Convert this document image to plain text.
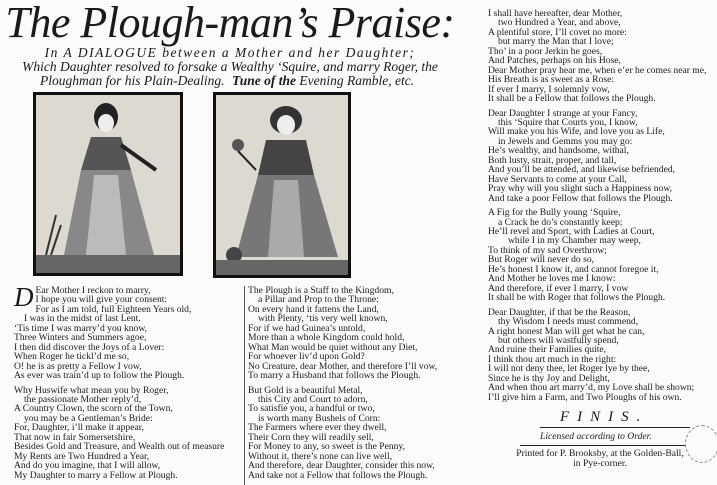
The Plough-man’s Praise:
In A DIALOGUE between a Mother and her Daughter;
Which Daughter resolved to forsake a Wealthy ‘Squire, and marry Roger, the
Ploughman for his Plain-Dealing. Tune of the Evening Ramble, etc.
D Ear Mother I reckon to marry,
I hope you will give your consent:
For as I am told, full Eighteen Years old,
I was in the midst of last Lent.
‘Tis time I was marry’d you know,
Three Winters and Summers agoe,
I then did discover the Joys of a Lover:
When Roger he tickl’d me so,
O! he is as pretty a Fellow I vow,
As ever was train’d up to follow the Plough.
Why Huswife what mean you by Roger,
the passionate Mother reply’d,
A Country Clown, the scorn of the Town,
you may be a Gentleman’s Bride:
For, Daughter, i’ll make it appear,
That now in fair Somersetshire,
Besides Gold and Treasure, and Wealth out of measure
My Rents are Two Hundred a Year,
And do you imagine, that I will allow,
My Daughter to marry a Fellow at Plough.
The Plough is a Staff to the Kingdom,
a Pillar and Prop to the Throne:
On every hand it fattens the Land,
with Plenty, ‘tis very well known,
For if we had Guinea’s untold,
More than a whole Kingdom could hold,
What Man would be quiet without any Diet,
For whoever liv’d upon Gold?
No Creature, dear Mother, and therefore I’ll vow,
To marry a Husband that follows the Plough.
But Gold is a beautiful Metal,
this City and Court to adorn,
To satisfie you, a handful or two,
is worth many Bushels of Corn:
The Farmers where ever they dwell,
Their Corn they will readily sell,
For Money to any, so sweet is the Penny,
Without it, there’s none can live well,
And therefore, dear Daughter, consider this now,
And take not a Fellow that follows the Plough.
I shall have hereafter, dear Mother,
two Hundred a Year, and above,
A plentiful store, I’ll covet no more:
but marry the Man that I love;
Tho’ in a poor Jerkin he goes,
And Patches, perhaps on his Hose,
Dear Mother pray hear me, when e’er he comes near me,
His Breath is as sweet as a Rose:
If ever I marry, I solemnly vow,
It shall be a Fellow that follows the Plough.
Dear Daughter I strange at your Fancy,
this ‘Squire that Courts you, I know,
Will make you his Wife, and love you as Life,
in Jewels and Gemms you may go:
He’s wealthy, and handsome, withal,
Both lusty, strait, proper, and tall,
And you’ll be attended, and likewise befriended,
Have Servants to come at your Call,
Pray why will you slight such a Happiness now,
And take a poor Fellow that follows the Plough.
A Fig for the Bully young ‘Squire,
a Crack he do’s constantly keep;
He’ll revel and Sport, with Ladies at Court,
while I in my Chamber may weep,
To think of my sad Overthrow;
But Roger will never do so,
He’s honest I know it, and cannot foregoe it,
And Mother he loves me I know:
And therefore, if ever I marry, I vow
It shall be with Roger that follows the Plough.
Dear Daughter, if that be the Reason,
thy Wisdom I needs must commend,
A right honest Man will get what he can,
but others will wastfully spend,
And ruine their Families quite,
I think thou art much in the right:
I will not deny thee, let Roger lye by thee,
Since he is thy Joy and Delight,
And when thou art marry’d, my Love shall be shown;
I’ll give him a Farm, and Two Ploughs of his own.
FINIS.
Licensed according to Order.
Printed for P. Brooksby, at the Golden-Ball,
in Pye-corner.
